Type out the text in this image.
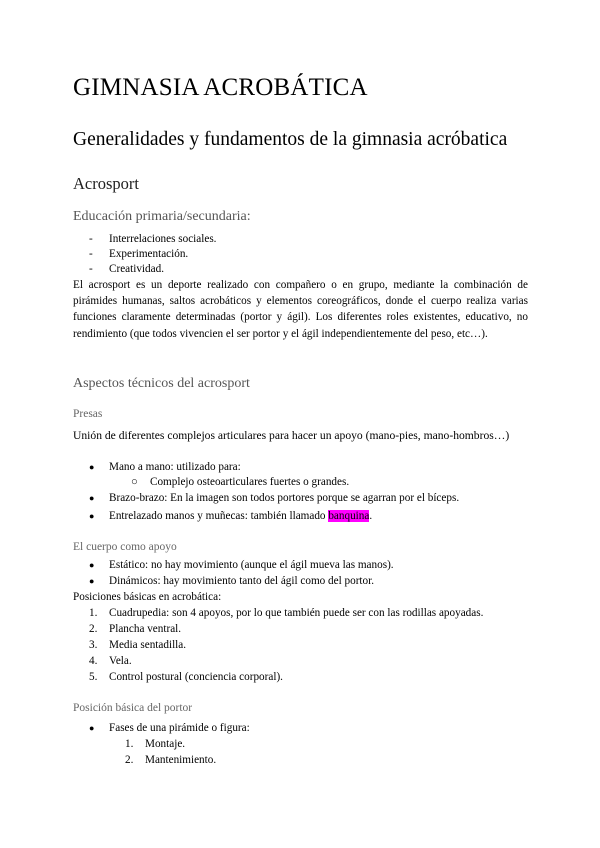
GIMNASIA ACROBÁTICA
Generalidades y fundamentos de la gimnasia acróbatica
Acrosport
Educación primaria/secundaria:
- Interrelaciones sociales.
- Experimentación.
- Creatividad.
El acrosport es un deporte realizado con compañero o en grupo, mediante la combinación de pirámides humanas, saltos acrobáticos y elementos coreográficos, donde el cuerpo realiza varias funciones claramente determinadas (portor y ágil). Los diferentes roles existentes, educativo, no rendimiento (que todos vivencien el ser portor y el ágil independientemente del peso, etc…).
Aspectos técnicos del acrosport
Presas
Unión de diferentes complejos articulares para hacer un apoyo (mano-pies, mano-hombros…)
● Mano a mano: utilizado para:
○ Complejo osteoarticulares fuertes o grandes.
● Brazo-brazo: En la imagen son todos portores porque se agarran por el bíceps.
● Entrelazado manos y muñecas: también llamado banquina.
El cuerpo como apoyo
● Estático: no hay movimiento (aunque el ágil mueva las manos).
● Dinámicos: hay movimiento tanto del ágil como del portor.
Posiciones básicas en acrobática:
1. Cuadrupedia: son 4 apoyos, por lo que también puede ser con las rodillas apoyadas.
2. Plancha ventral.
3. Media sentadilla.
4. Vela.
5. Control postural (conciencia corporal).
Posición básica del portor
● Fases de una pirámide o figura:
1. Montaje.
2. Mantenimiento.
